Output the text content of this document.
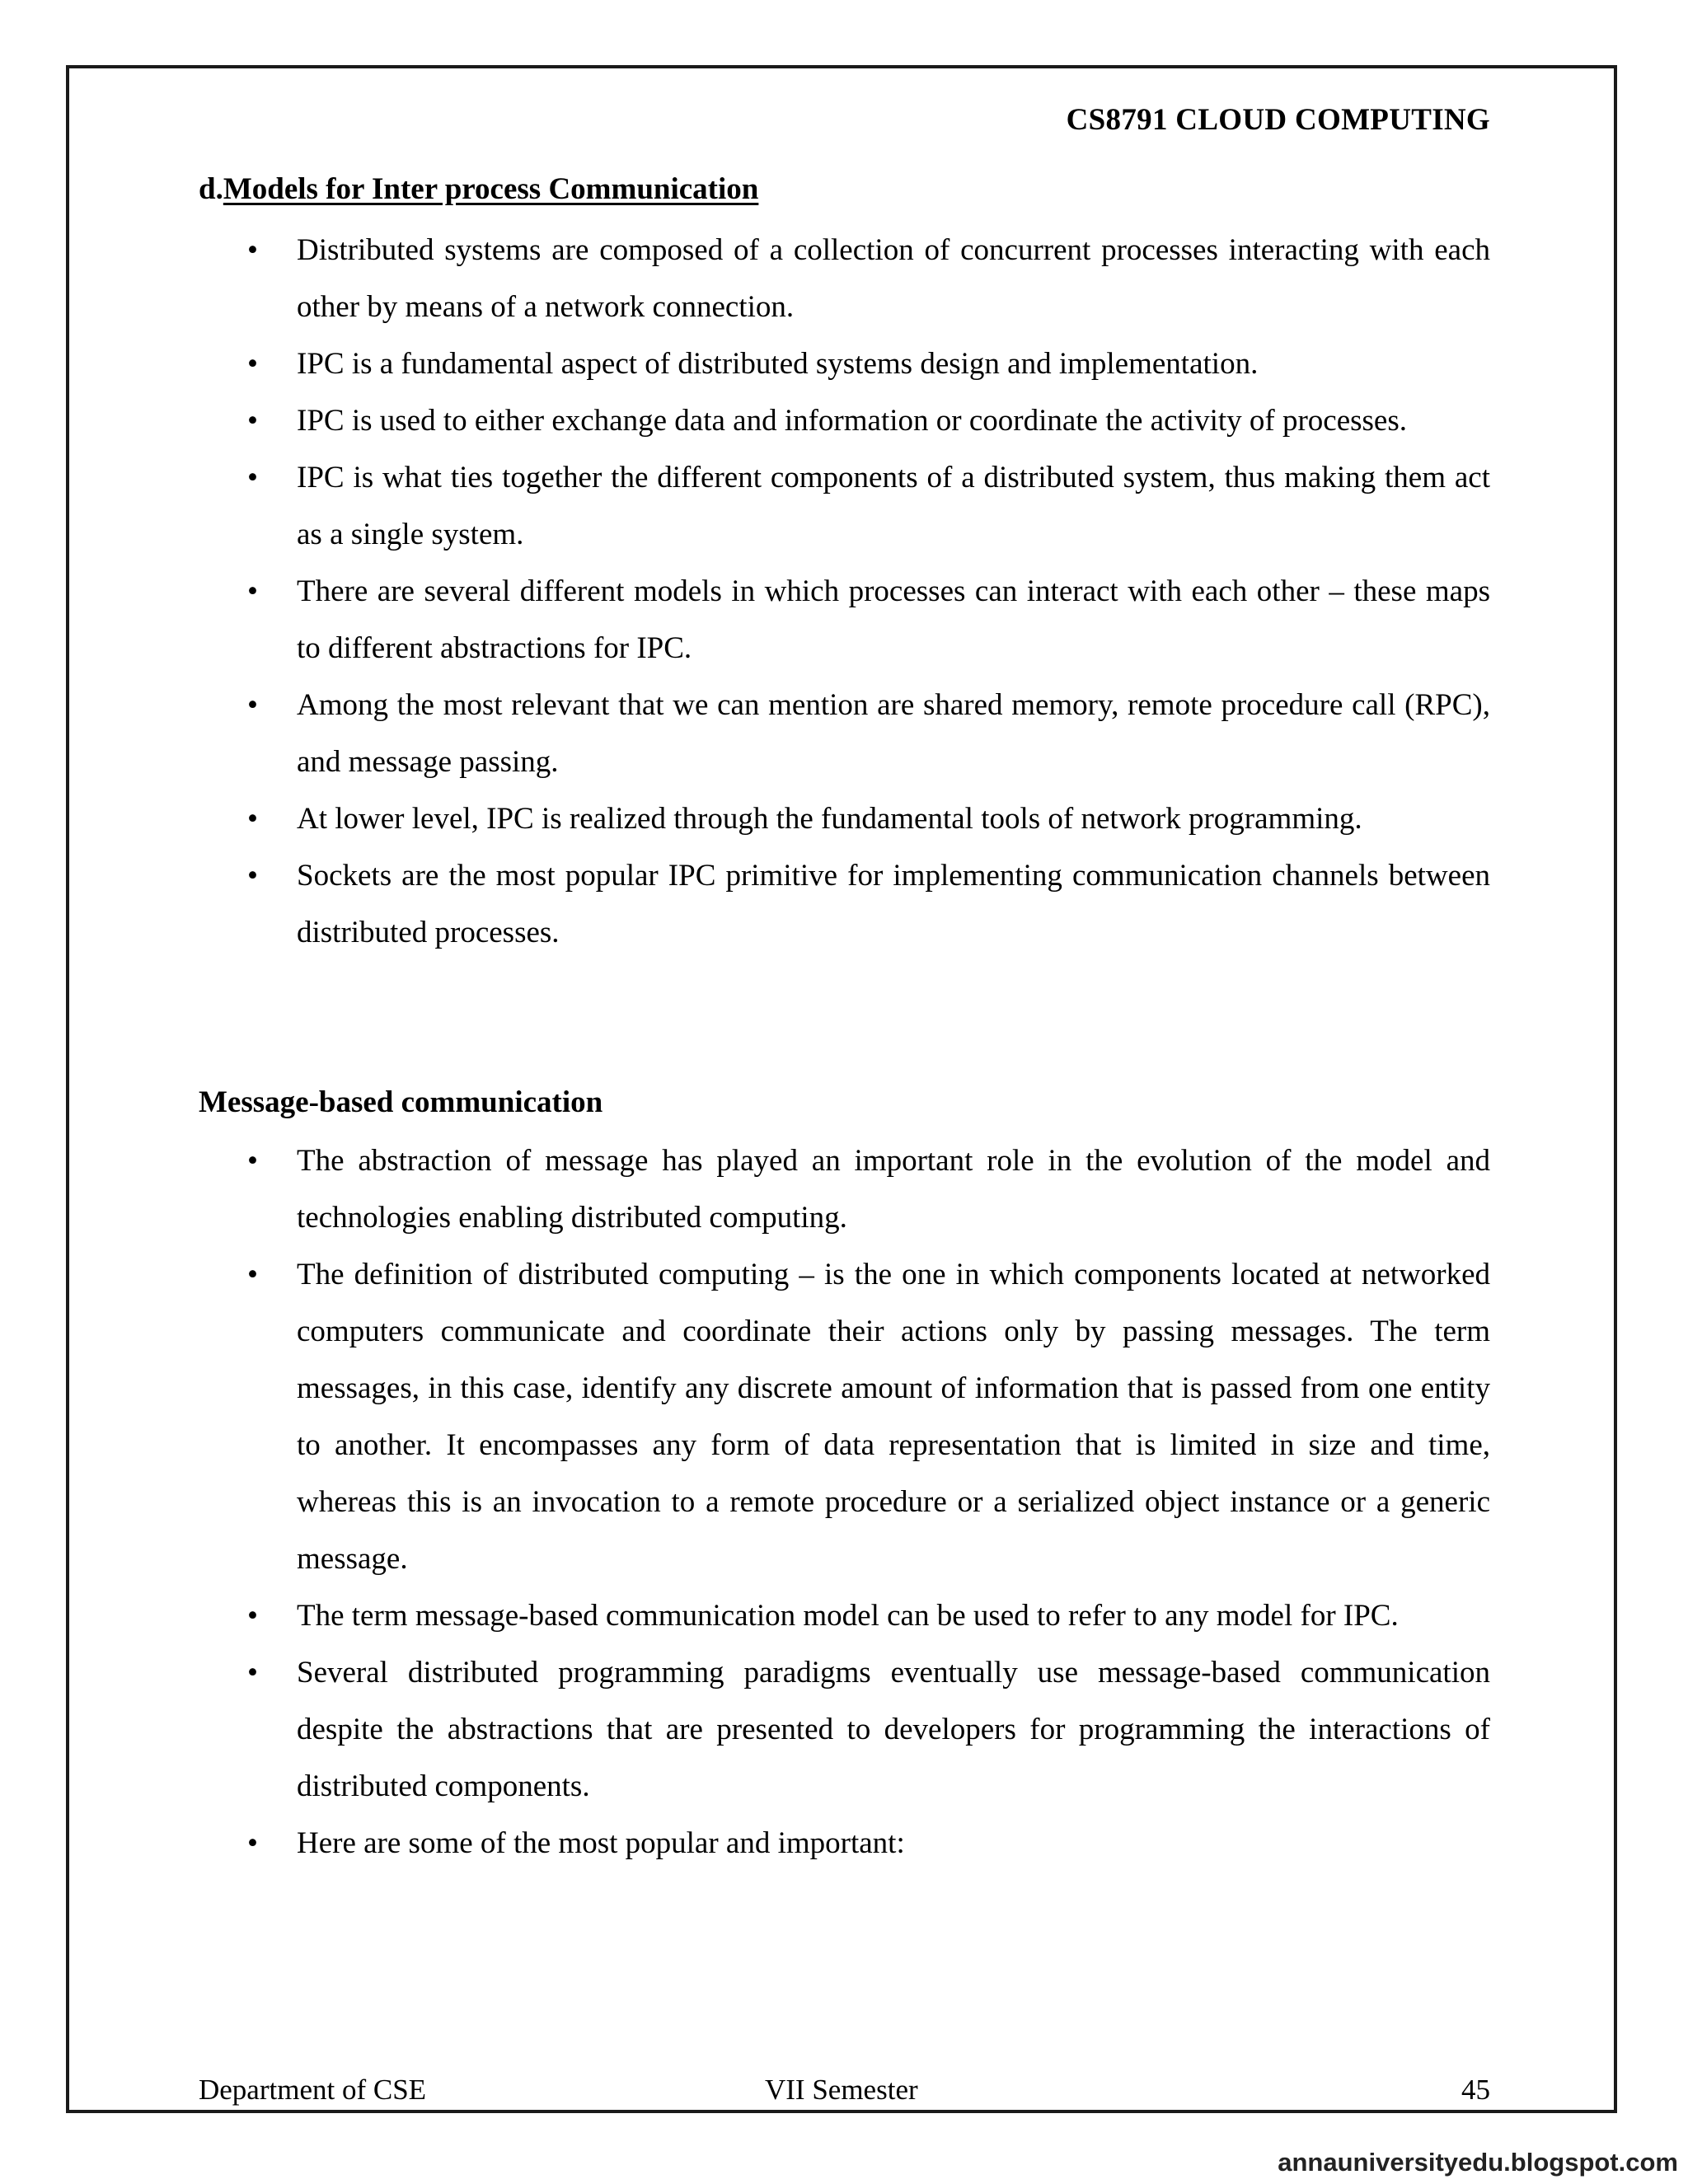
CS8791 CLOUD COMPUTING
d.Models for Inter process Communication
• Distributed systems are composed of a collection of concurrent processes interacting with each other by means of a network connection.
• IPC is a fundamental aspect of distributed systems design and implementation.
• IPC is used to either exchange data and information or coordinate the activity of processes.
• IPC is what ties together the different components of a distributed system, thus making them act as a single system.
• There are several different models in which processes can interact with each other – these maps to different abstractions for IPC.
• Among the most relevant that we can mention are shared memory, remote procedure call (RPC), and message passing.
• At lower level, IPC is realized through the fundamental tools of network programming.
• Sockets are the most popular IPC primitive for implementing communication channels between distributed processes.
Message-based communication
• The abstraction of message has played an important role in the evolution of the model and technologies enabling distributed computing.
• The definition of distributed computing – is the one in which components located at networked computers communicate and coordinate their actions only by passing messages. The term messages, in this case, identify any discrete amount of information that is passed from one entity to another. It encompasses any form of data representation that is limited in size and time, whereas this is an invocation to a remote procedure or a serialized object instance or a generic message.
• The term message-based communication model can be used to refer to any model for IPC.
• Several distributed programming paradigms eventually use message-based communication despite the abstractions that are presented to developers for programming the interactions of distributed components.
• Here are some of the most popular and important:
Department of CSE	VII Semester	45
annauniversityedu.blogspot.com
